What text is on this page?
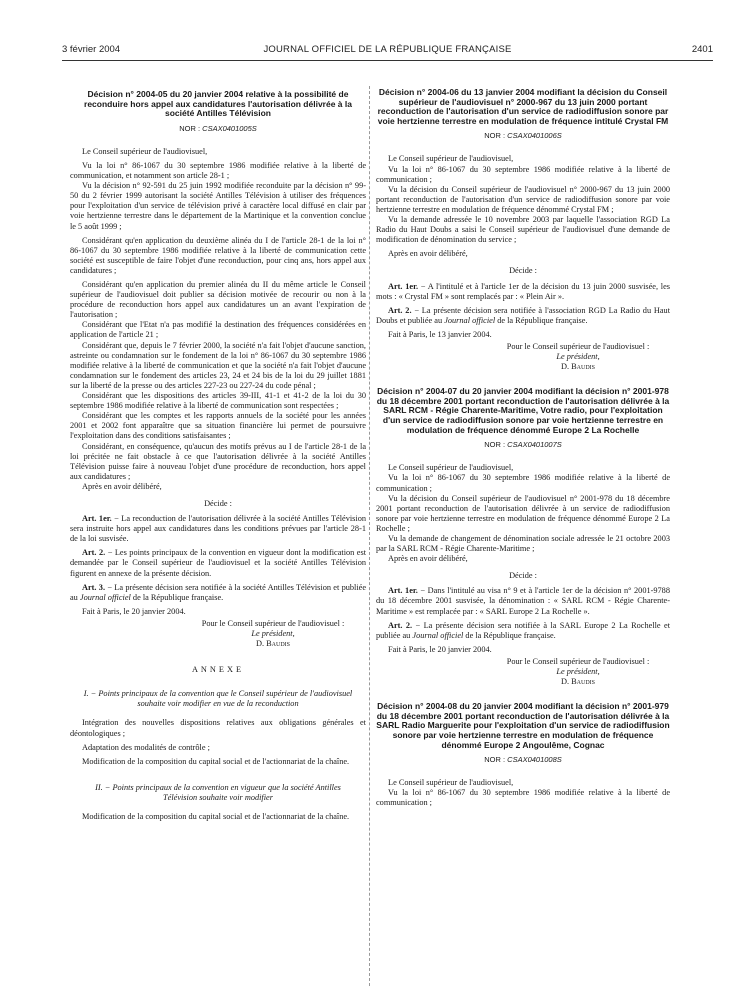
3 février 2004	JOURNAL OFFICIEL DE LA RÉPUBLIQUE FRANÇAISE	2401
Décision n° 2004-05 du 20 janvier 2004 relative à la possibilité de reconduire hors appel aux candidatures l'autorisation délivrée à la société Antilles Télévision
NOR : CSAX0401005S

Le Conseil supérieur de l'audiovisuel,

Vu la loi n° 86-1067 du 30 septembre 1986 modifiée relative à la liberté de communication, et notamment son article 28-1 ;

Vu la décision n° 92-591 du 25 juin 1992 modifiée reconduite par la décision n° 99-50 du 2 février 1999 autorisant la société Antilles Télévision à utiliser des fréquences pour l'exploitation d'un service de télévision privé à caractère local diffusé en clair par voie hertzienne terrestre dans le département de la Martinique et la convention conclue le 5 août 1999 ;

Considérant qu'en application du deuxième alinéa du I de l'article 28-1 de la loi n° 86-1067 du 30 septembre 1986 modifiée relative à la liberté de communication cette société est susceptible de faire l'objet d'une reconduction, pour cinq ans, hors appel aux candidatures ;

Considérant qu'en application du premier alinéa du II du même article le Conseil supérieur de l'audiovisuel doit publier sa décision motivée de recourir ou non à la procédure de reconduction hors appel aux candidatures un an avant l'expiration de l'autorisation ;

Considérant que l'Etat n'a pas modifié la destination des fréquences considérées en application de l'article 21 ;

Considérant que, depuis le 7 février 2000, la société n'a fait l'objet d'aucune sanction, astreinte ou condamnation sur le fondement de la loi n° 86-1067 du 30 septembre 1986 modifiée relative à la liberté de communication et que la société n'a fait l'objet d'aucune condamnation sur le fondement des articles 23, 24 et 24 bis de la loi du 29 juillet 1881 sur la liberté de la presse ou des articles 227-23 ou 227-24 du code pénal ;

Considérant que les dispositions des articles 39-III, 41-1 et 41-2 de la loi du 30 septembre 1986 modifiée relative à la liberté de communication sont respectées ;

Considérant que les comptes et les rapports annuels de la société pour les années 2001 et 2002 font apparaître que sa situation financière lui permet de poursuivre l'exploitation dans des conditions satisfaisantes ;

Considérant, en conséquence, qu'aucun des motifs prévus au I de l'article 28-1 de la loi précitée ne fait obstacle à ce que l'autorisation délivrée à la société Antilles Télévision puisse faire à nouveau l'objet d'une procédure de reconduction, hors appel aux candidatures ;

Après en avoir délibéré,

Décide :

Art. 1er. − La reconduction de l'autorisation délivrée à la société Antilles Télévision sera instruite hors appel aux candidatures dans les conditions prévues par l'article 28-1 de la loi susvisée.

Art. 2. − Les points principaux de la convention en vigueur dont la modification est demandée par le Conseil supérieur de l'audiovisuel et la société Antilles Télévision figurent en annexe de la présente décision.

Art. 3. − La présente décision sera notifiée à la société Antilles Télévision et publiée au Journal officiel de la République française.

Fait à Paris, le 20 janvier 2004.

Pour le Conseil supérieur de l'audiovisuel :
Le président,
D. Baudis

ANNEXE

I. − Points principaux de la convention que le Conseil supérieur de l'audiovisuel souhaite voir modifier en vue de la reconduction

Intégration des nouvelles dispositions relatives aux obligations générales et déontologiques ;

Adaptation des modalités de contrôle ;

Modification de la composition du capital social et de l'actionnariat de la chaîne.

II. − Points principaux de la convention en vigueur que la société Antilles Télévision souhaite voir modifier

Modification de la composition du capital social et de l'actionnariat de la chaîne.

Décision n° 2004-06 du 13 janvier 2004 modifiant la décision du Conseil supérieur de l'audiovisuel n° 2000-967 du 13 juin 2000 portant reconduction de l'autorisation d'un service de radiodiffusion sonore par voie hertzienne terrestre en modulation de fréquence intitulé Crystal FM
NOR : CSAX0401006S

Le Conseil supérieur de l'audiovisuel,

Vu la loi n° 86-1067 du 30 septembre 1986 modifiée relative à la liberté de communication ;

Vu la décision du Conseil supérieur de l'audiovisuel n° 2000-967 du 13 juin 2000 portant reconduction de l'autorisation d'un service de radiodiffusion sonore par voie hertzienne terrestre en modulation de fréquence dénommé Crystal FM ;

Vu la demande adressée le 10 novembre 2003 par laquelle l'association RGD La Radio du Haut Doubs a saisi le Conseil supérieur de l'audiovisuel d'une demande de modification de dénomination du service ;

Après en avoir délibéré,

Décide :

Art. 1er. − A l'intitulé et à l'article 1er de la décision du 13 juin 2000 susvisée, les mots : « Crystal FM » sont remplacés par : « Plein Air ».

Art. 2. − La présente décision sera notifiée à l'association RGD La Radio du Haut Doubs et publiée au Journal officiel de la République française.

Fait à Paris, le 13 janvier 2004.

Pour le Conseil supérieur de l'audiovisuel :
Le président,
D. Baudis
Décision n° 2004-07 du 20 janvier 2004 modifiant la décision n° 2001-978 du 18 décembre 2001 portant reconduction de l'autorisation délivrée à la SARL RCM - Régie Charente-Maritime, Votre radio, pour l'exploitation d'un service de radiodiffusion sonore par voie hertzienne terrestre en modulation de fréquence dénommé Europe 2 La Rochelle
NOR : CSAX0401007S

Le Conseil supérieur de l'audiovisuel,

Vu la loi n° 86-1067 du 30 septembre 1986 modifiée relative à la liberté de communication ;

Vu la décision du Conseil supérieur de l'audiovisuel n° 2001-978 du 18 décembre 2001 portant reconduction de l'autorisation délivrée à un service de radiodiffusion sonore par voie hertzienne terrestre en modulation de fréquence dénommé Europe 2 La Rochelle ;

Vu la demande de changement de dénomination sociale adressée le 21 octobre 2003 par la SARL RCM - Régie Charente-Maritime ;

Après en avoir délibéré,

Décide :

Art. 1er. − Dans l'intitulé au visa n° 9 et à l'article 1er de la décision n° 2001-9788 du 18 décembre 2001 susvisée, la dénomination : « SARL RCM - Régie Charente-Maritime » est remplacée par : « SARL Europe 2 La Rochelle ».

Art. 2. − La présente décision sera notifiée à la SARL Europe 2 La Rochelle et publiée au Journal officiel de la République française.

Fait à Paris, le 20 janvier 2004.

Pour le Conseil supérieur de l'audiovisuel :
Le président,
D. Baudis
Décision n° 2004-08 du 20 janvier 2004 modifiant la décision n° 2001-979 du 18 décembre 2001 portant reconduction de l'autorisation délivrée à la SARL Radio Marguerite pour l'exploitation d'un service de radiodiffusion sonore par voie hertzienne terrestre en modulation de fréquence dénommé Europe 2 Angoulême, Cognac
NOR : CSAX0401008S

Le Conseil supérieur de l'audiovisuel,

Vu la loi n° 86-1067 du 30 septembre 1986 modifiée relative à la liberté de communication ;
